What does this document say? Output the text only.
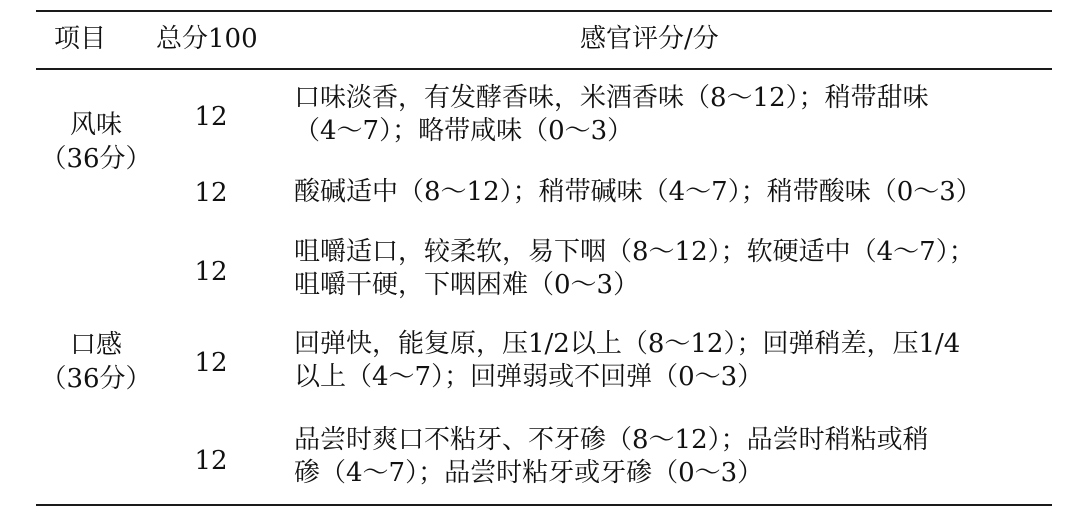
项目 总分100	感官评分/分
风味
（36分）
口感
（36分）
12
口味淡香，有发酵香味，米酒香味（8～12）；稍带甜味
（4～7）；略带咸味（0～3）
12	酸碱适中（8～12）；稍带碱味（4～7）；稍带酸味（0～3）
12
咀嚼适口，较柔软，易下咽（8～12）；软硬适中（4～7）；
咀嚼干硬，下咽困难（0～3）
12
回弹快，能复原，压1/2以上（8～12）；回弹稍差，压1/4
以上（4～7）；回弹弱或不回弹（0～3）
12
品尝时爽口不粘牙、不牙碜（8～12）；品尝时稍粘或稍
碜（4～7）；品尝时粘牙或牙碜（0～3）
